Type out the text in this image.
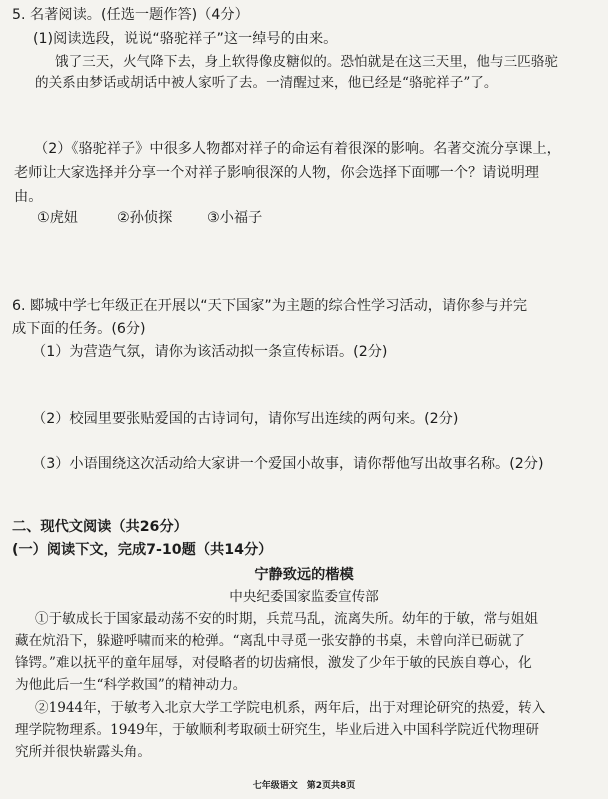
5. 名著阅读。(任选一题作答)（4分）
(1)阅读选段，说说“骆驼祥子”这一绰号的由来。
饿了三天，火气降下去，身上软得像皮糖似的。恐怕就是在这三天里，他与三匹骆驼
的关系由梦话或胡话中被人家听了去。一清醒过来，他已经是“骆驼祥子”了。
（2）《骆驼祥子》中很多人物都对祥子的命运有着很深的影响。名著交流分享课上，
老师让大家选择并分享一个对祥子影响很深的人物，你会选择下面哪一个？请说明理
由。
①虎妞	②孙侦探 ③小福子
6. 郾城中学七年级正在开展以“天下国家”为主题的综合性学习活动，请你参与并完
成下面的任务。(6分)
（1）为营造气氛，请你为该活动拟一条宣传标语。(2分)
（2）校园里要张贴爱国的古诗词句，请你写出连续的两句来。(2分)
（3）小语围绕这次活动给大家讲一个爱国小故事，请你帮他写出故事名称。(2分)
二、现代文阅读（共26分）
(一）阅读下文，完成7-10题（共14分）
宁静致远的楷模
中央纪委国家监委宣传部
①于敏成长于国家最动荡不安的时期，兵荒马乱，流离失所。幼年的于敏，常与姐姐
藏在炕沿下，躲避呼啸而来的枪弹。“离乱中寻觅一张安静的书桌，未曾向洋已砺就了
锋锷。”难以抚平的童年屈辱，对侵略者的切齿痛恨，激发了少年于敏的民族自尊心，化
为他此后一生“科学救国”的精神动力。
②1944年，于敏考入北京大学工学院电机系，两年后，出于对理论研究的热爱，转入
理学院物理系。1949年，于敏顺利考取硕士研究生，毕业后进入中国科学院近代物理研
究所并很快崭露头角。
七年级语文　第2页共8页
